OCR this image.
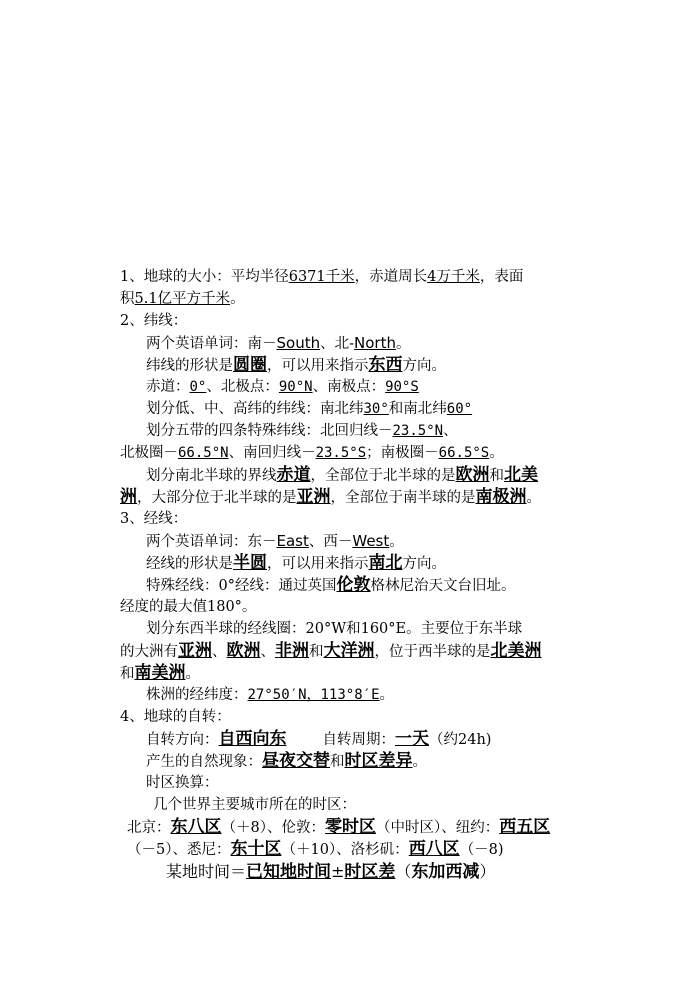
1、地球的大小：平均半径6371千米，赤道周长4万千米，表面
积5.1亿平方千米。
2、纬线：
两个英语单词：南－South、北-North。
纬线的形状是圆圈，可以用来指示东西方向。
赤道：0°、北极点：90°N、南极点：90°S
划分低、中、高纬的纬线：南北纬30°和南北纬60°
划分五带的四条特殊纬线：北回归线－23.5°N、
北极圈－66.5°N、南回归线－23.5°S；南极圈－66.5°S。
划分南北半球的界线赤道，全部位于北半球的是欧洲和北美
洲，大部分位于北半球的是亚洲，全部位于南半球的是南极洲。
3、经线：
两个英语单词：东－East、西－West。
经线的形状是半圆，可以用来指示南北方向。
特殊经线：0°经线：通过英国伦敦格林尼治天文台旧址。
经度的最大值180°。
划分东西半球的经线圈：20°W和160°E。主要位于东半球
的大洲有亚洲、欧洲、非洲和大洋洲，位于西半球的是北美洲
和南美洲。
株洲的经纬度：27°50′N，113°8′E。
4、地球的自转：
自转方向：自西向东 自转周期：一天（约24h)
产生的自然现象：昼夜交替和时区差异。
时区换算：
几个世界主要城市所在的时区：
北京：东八区（＋8）、伦敦：零时区（中时区）、纽约：西五区
（－5）、悉尼：东十区（＋10）、洛杉矶：西八区（－8)
某地时间＝已知地时间±时区差（东加西减）
